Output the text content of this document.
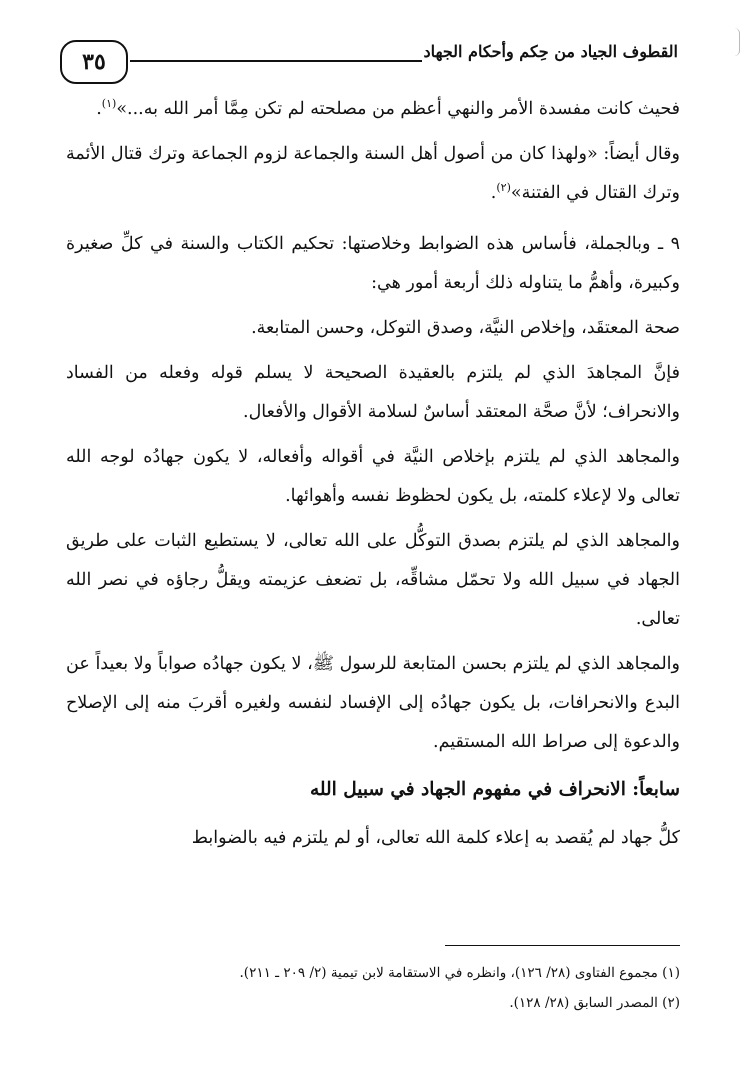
القطوف الجياد من حِكم وأحكام الجهاد
٣٥

فحيث كانت مفسدة الأمر والنهي أعظم من مصلحته لم تكن مِمَّا أمر الله به...»$^{(١)}$.

وقال أيضاً: «ولهذا كان من أصول أهل السنة والجماعة لزوم الجماعة وترك قتال الأئمة وترك القتال في الفتنة»$^{(٢)}$.

٩ ـ وبالجملة، فأساس هذه الضوابط وخلاصتها: تحكيم الكتاب والسنة في كلِّ صغيرة وكبيرة، وأهمُّ ما يتناوله ذلك أربعة أمور هي:

صحة المعتقَد، وإخلاص النيَّة، وصدق التوكل، وحسن المتابعة.

فإنَّ المجاهدَ الذي لم يلتزم بالعقيدة الصحيحة لا يسلم قوله وفعله من الفساد والانحراف؛ لأنَّ صحَّة المعتقد أساسٌ لسلامة الأقوال والأفعال.

والمجاهد الذي لم يلتزم بإخلاص النيَّة في أقواله وأفعاله، لا يكون جهادُه لوجه الله تعالى ولا لإعلاء كلمته، بل يكون لحظوظ نفسه وأهوائها.

والمجاهد الذي لم يلتزم بصدق التوكُّل على الله تعالى، لا يستطيع الثبات على طريق الجهاد في سبيل الله ولا تحمّل مشاقِّه، بل تضعف عزيمته ويقلُّ رجاؤه في نصر الله تعالى.

والمجاهد الذي لم يلتزم بحسن المتابعة للرسول ﷺ، لا يكون جهادُه صواباً ولا بعيداً عن البدع والانحرافات، بل يكون جهادُه إلى الإفساد لنفسه ولغيره أقربَ منه إلى الإصلاح والدعوة إلى صراط الله المستقيم.

سابعاً: الانحراف في مفهوم الجهاد في سبيل الله

كلُّ جهاد لم يُقصد به إعلاء كلمة الله تعالى، أو لم يلتزم فيه بالضوابط

(١) مجموع الفتاوى (٢٨/ ١٢٦)، وانظره في الاستقامة لابن تيمية (٢/ ٢٠٩ ـ ٢١١).

(٢) المصدر السابق (٢٨/ ١٢٨).
